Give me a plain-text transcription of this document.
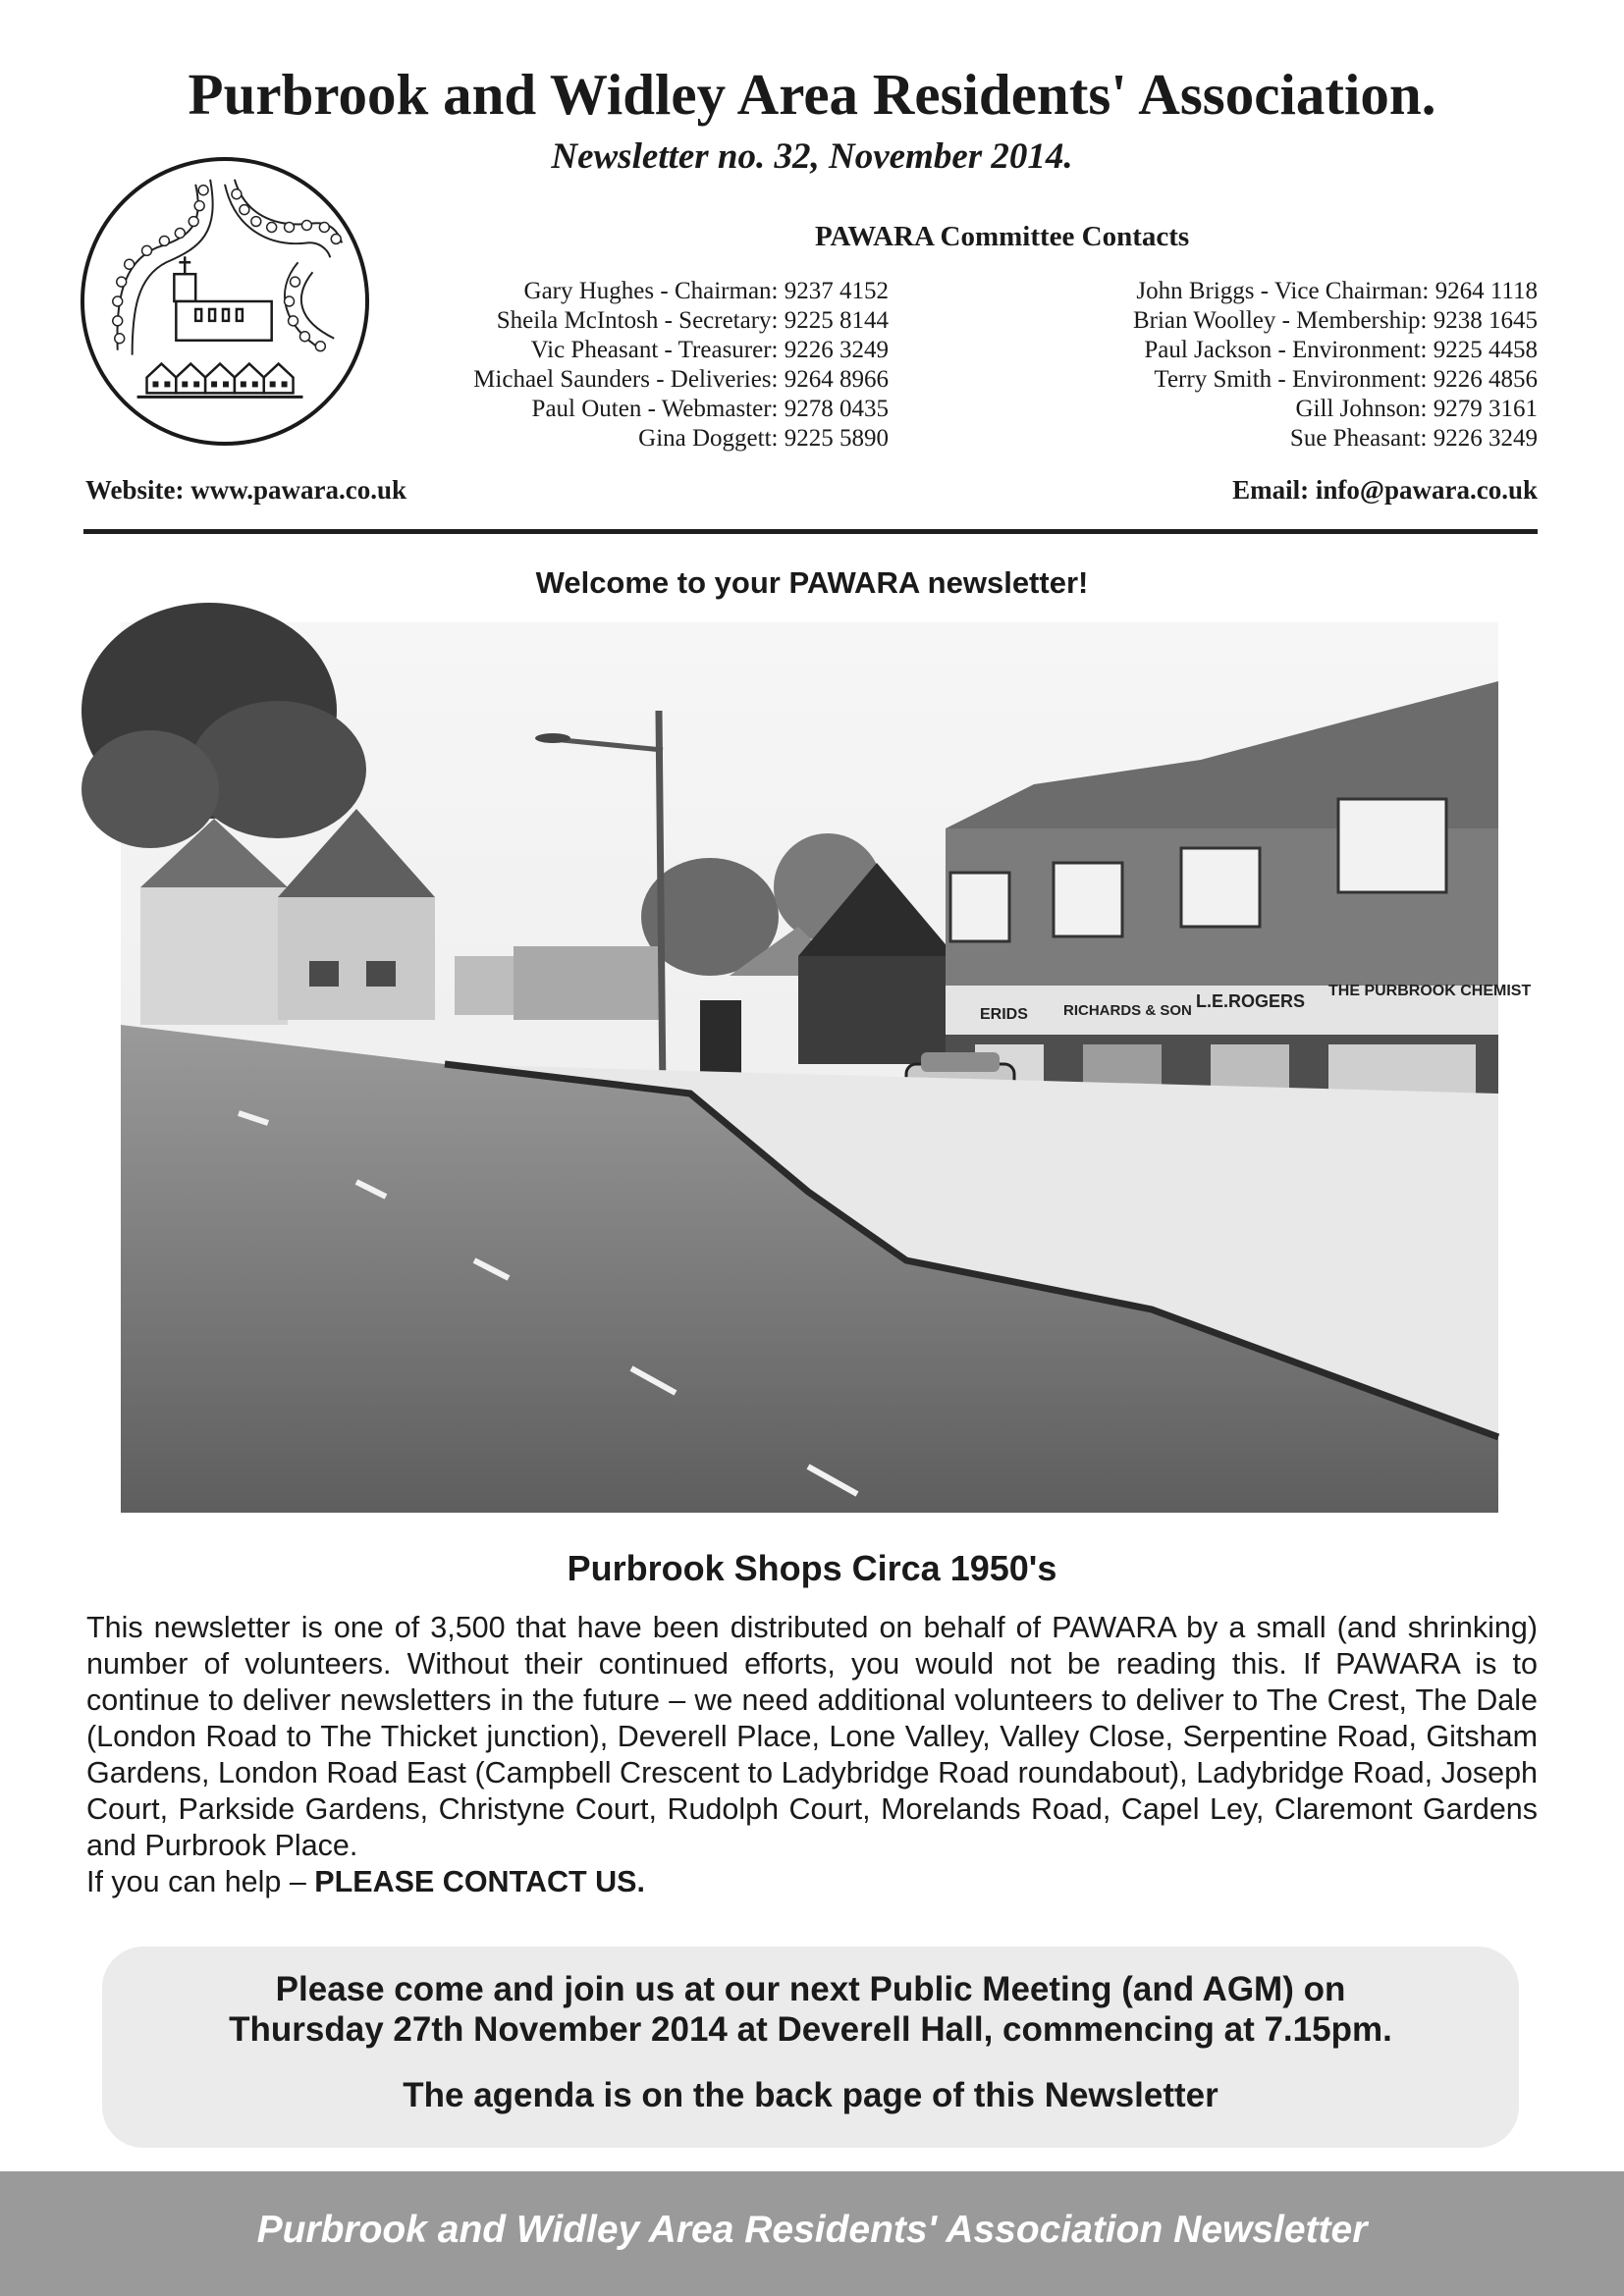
Purbrook and Widley Area Residents' Association.
Newsletter no. 32, November 2014.
PAWARA Committee Contacts
Gary Hughes - Chairman: 9237 4152
Sheila McIntosh - Secretary: 9225 8144
Vic Pheasant - Treasurer: 9226 3249
Michael Saunders - Deliveries: 9264 8966
Paul Outen - Webmaster: 9278 0435
Gina Doggett: 9225 5890
John Briggs - Vice Chairman: 9264 1118
Brian Woolley - Membership: 9238 1645
Paul Jackson - Environment: 9225 4458
Terry Smith - Environment: 9226 4856
Gill Johnson: 9279 3161
Sue Pheasant: 9226 3249
Website: www.pawara.co.uk	Email: info@pawara.co.uk
Welcome to your PAWARA newsletter!
ERIDS RICHARDS & SON L.E.ROGERS
THE PURBROOK CHEMIST
Purbrook Shops Circa 1950's

This newsletter is one of 3,500 that have been distributed on behalf of PAWARA by a small (and shrinking) number of volunteers. Without their continued efforts, you would not be reading this. If PAWARA is to continue to deliver newsletters in the future – we need additional volunteers to deliver to The Crest, The Dale (London Road to The Thicket junction), Deverell Place, Lone Valley, Valley Close, Serpentine Road, Gitsham Gardens, London Road East (Campbell Crescent to Ladybridge Road roundabout), Ladybridge Road, Joseph Court, Parkside Gardens, Christyne Court, Rudolph Court, Morelands Road, Capel Ley, Claremont Gardens and Purbrook Place.

If you can help – PLEASE CONTACT US.
Please come and join us at our next Public Meeting (and AGM) on
Thursday 27th November 2014 at Deverell Hall, commencing at 7.15pm.
The agenda is on the back page of this Newsletter
Purbrook and Widley Area Residents' Association Newsletter
